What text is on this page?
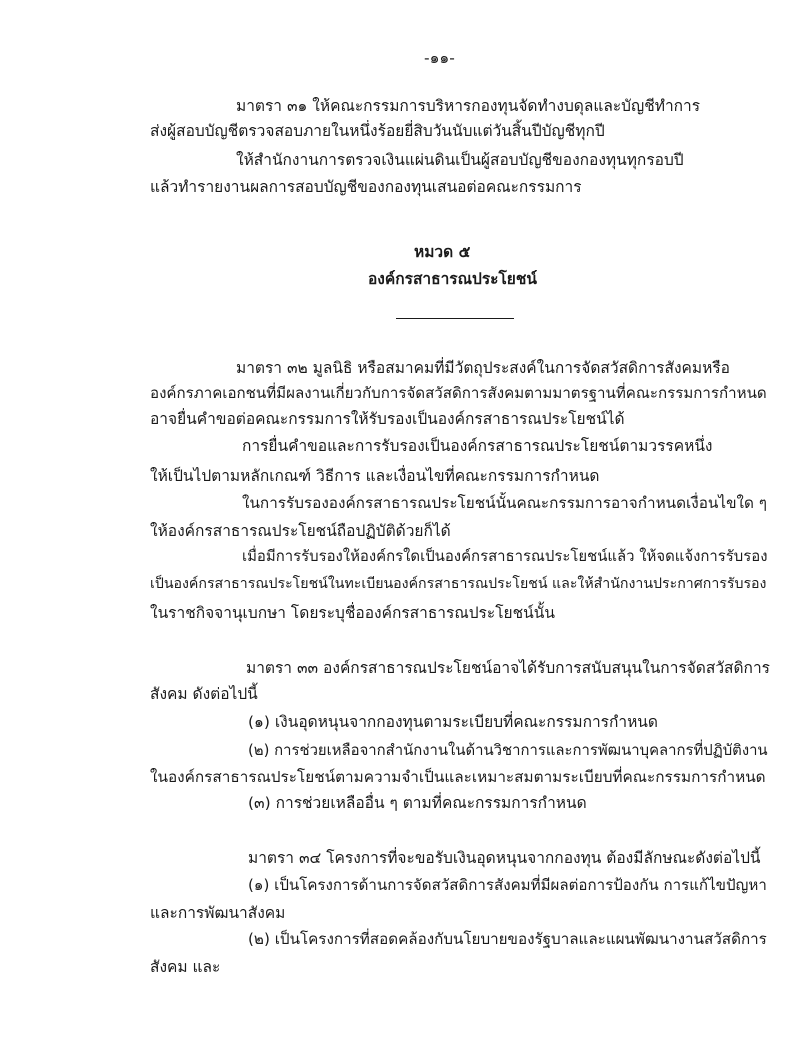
-๑๑-
มาตรา ๓๑ ให้คณะกรรมการบริหารกองทุนจัดทำงบดุลและบัญชีทำการ
ส่งผู้สอบบัญชีตรวจสอบภายในหนึ่งร้อยยี่สิบวันนับแต่วันสิ้นปีบัญชีทุกปี
ให้สำนักงานการตรวจเงินแผ่นดินเป็นผู้สอบบัญชีของกองทุนทุกรอบปี
แล้วทำรายงานผลการสอบบัญชีของกองทุนเสนอต่อคณะกรรมการ
หมวด ๕
องค์กรสาธารณประโยชน์
มาตรา ๓๒ มูลนิธิ หรือสมาคมที่มีวัตถุประสงค์ในการจัดสวัสดิการสังคมหรือ
องค์กรภาคเอกชนที่มีผลงานเกี่ยวกับการจัดสวัสดิการสังคมตามมาตรฐานที่คณะกรรมการกำหนด
อาจยื่นคำขอต่อคณะกรรมการให้รับรองเป็นองค์กรสาธารณประโยชน์ได้
การยื่นคำขอและการรับรองเป็นองค์กรสาธารณประโยชน์ตามวรรคหนึ่ง
ให้เป็นไปตามหลักเกณฑ์ วิธีการ และเงื่อนไขที่คณะกรรมการกำหนด
ในการรับรององค์กรสาธารณประโยชน์นั้นคณะกรรมการอาจกำหนดเงื่อนไขใด ๆ
ให้องค์กรสาธารณประโยชน์ถือปฏิบัติด้วยก็ได้
เมื่อมีการรับรองให้องค์กรใดเป็นองค์กรสาธารณประโยชน์แล้ว ให้จดแจ้งการรับรอง
เป็นองค์กรสาธารณประโยชน์ในทะเบียนองค์กรสาธารณประโยชน์ และให้สำนักงานประกาศการรับรอง
ในราชกิจจานุเบกษา โดยระบุชื่อองค์กรสาธารณประโยชน์นั้น
มาตรา ๓๓ องค์กรสาธารณประโยชน์อาจได้รับการสนับสนุนในการจัดสวัสดิการ
สังคม ดังต่อไปนี้
(๑) เงินอุดหนุนจากกองทุนตามระเบียบที่คณะกรรมการกำหนด
(๒) การช่วยเหลือจากสำนักงานในด้านวิชาการและการพัฒนาบุคลากรที่ปฏิบัติงาน
ในองค์กรสาธารณประโยชน์ตามความจำเป็นและเหมาะสมตามระเบียบที่คณะกรรมการกำหนด
(๓) การช่วยเหลืออื่น ๆ ตามที่คณะกรรมการกำหนด
มาตรา ๓๔ โครงการที่จะขอรับเงินอุดหนุนจากกองทุน ต้องมีลักษณะดังต่อไปนี้
(๑) เป็นโครงการด้านการจัดสวัสดิการสังคมที่มีผลต่อการป้องกัน การแก้ไขปัญหา
และการพัฒนาสังคม
(๒) เป็นโครงการที่สอดคล้องกับนโยบายของรัฐบาลและแผนพัฒนางานสวัสดิการ
สังคม และ
